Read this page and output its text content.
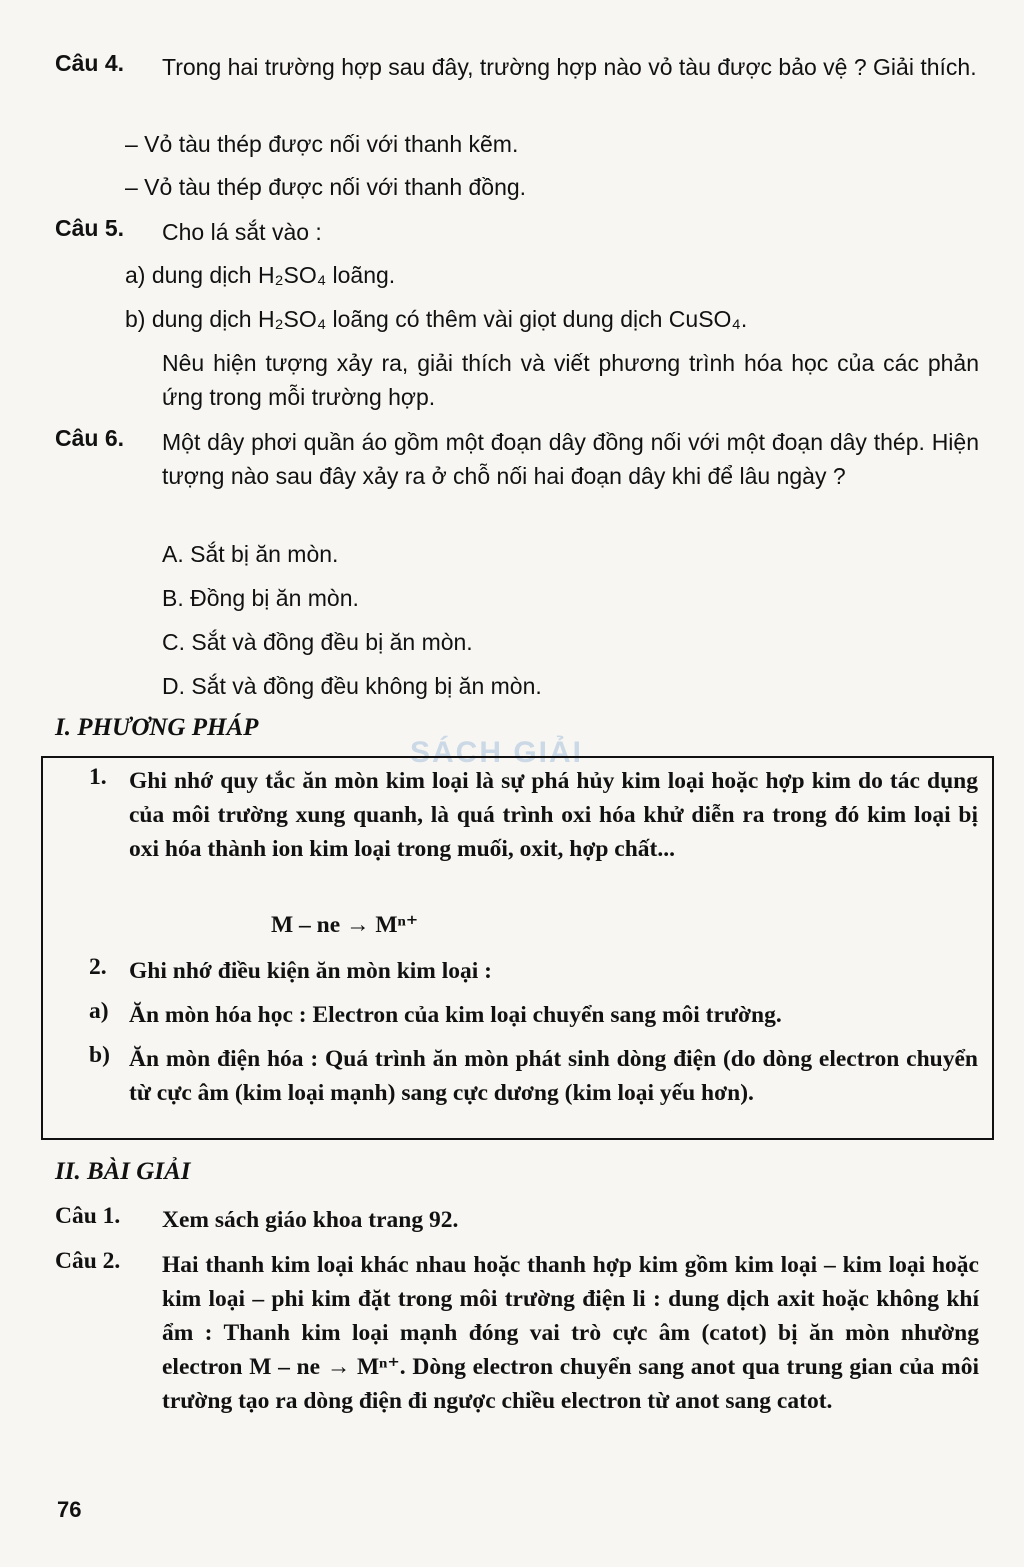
SÁCH GIẢI
Câu 4. Trong hai trường hợp sau đây, trường hợp nào vỏ tàu được bảo vệ ? Giải thích.
– Vỏ tàu thép được nối với thanh kẽm.
– Vỏ tàu thép được nối với thanh đồng.
Câu 5. Cho lá sắt vào :
a) dung dịch H₂SO₄ loãng.
b) dung dịch H₂SO₄ loãng có thêm vài giọt dung dịch CuSO₄.
Nêu hiện tượng xảy ra, giải thích và viết phương trình hóa học của các phản ứng trong mỗi trường hợp.
Câu 6. Một dây phơi quần áo gồm một đoạn dây đồng nối với một đoạn dây thép. Hiện tượng nào sau đây xảy ra ở chỗ nối hai đoạn dây khi để lâu ngày ?
A. Sắt bị ăn mòn.
B. Đồng bị ăn mòn.
C. Sắt và đồng đều bị ăn mòn.
D. Sắt và đồng đều không bị ăn mòn.
I. PHƯƠNG PHÁP
1. Ghi nhớ quy tắc ăn mòn kim loại là sự phá hủy kim loại hoặc hợp kim do tác dụng của môi trường xung quanh, là quá trình oxi hóa khử diễn ra trong đó kim loại bị oxi hóa thành ion kim loại trong muối, oxit, hợp chất...
M – ne → Mⁿ⁺
2. Ghi nhớ điều kiện ăn mòn kim loại :
a) Ăn mòn hóa học : Electron của kim loại chuyển sang môi trường.
b) Ăn mòn điện hóa : Quá trình ăn mòn phát sinh dòng điện (do dòng electron chuyển từ cực âm (kim loại mạnh) sang cực dương (kim loại yếu hơn).
II. BÀI GIẢI
Câu 1. Xem sách giáo khoa trang 92.
Câu 2. Hai thanh kim loại khác nhau hoặc thanh hợp kim gồm kim loại – kim loại hoặc kim loại – phi kim đặt trong môi trường điện li : dung dịch axit hoặc không khí ẩm : Thanh kim loại mạnh đóng vai trò cực âm (catot) bị ăn mòn nhường electron M – ne → Mⁿ⁺. Dòng electron chuyển sang anot qua trung gian của môi trường tạo ra dòng điện đi ngược chiều electron từ anot sang catot.
76
